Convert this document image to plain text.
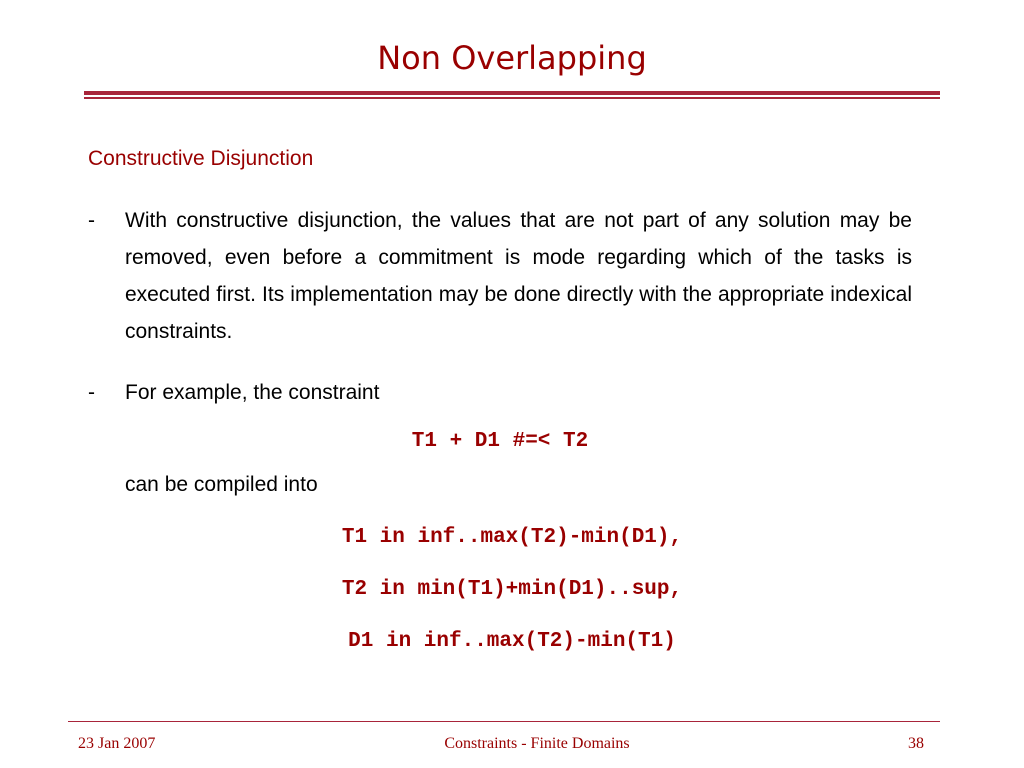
Non Overlapping
Constructive Disjunction
- With constructive disjunction, the values that are not part of any solution may be removed, even before a commitment is mode regarding which of the tasks is executed first. Its implementation may be done directly with the appropriate indexical constraints.
- For example, the constraint
T1 + D1 #=< T2
can be compiled into
T1 in inf..max(T2)-min(D1),
T2 in min(T1)+min(D1)..sup,
D1 in inf..max(T2)-min(T1)
23 Jan 2007	Constraints - Finite Domains	38
